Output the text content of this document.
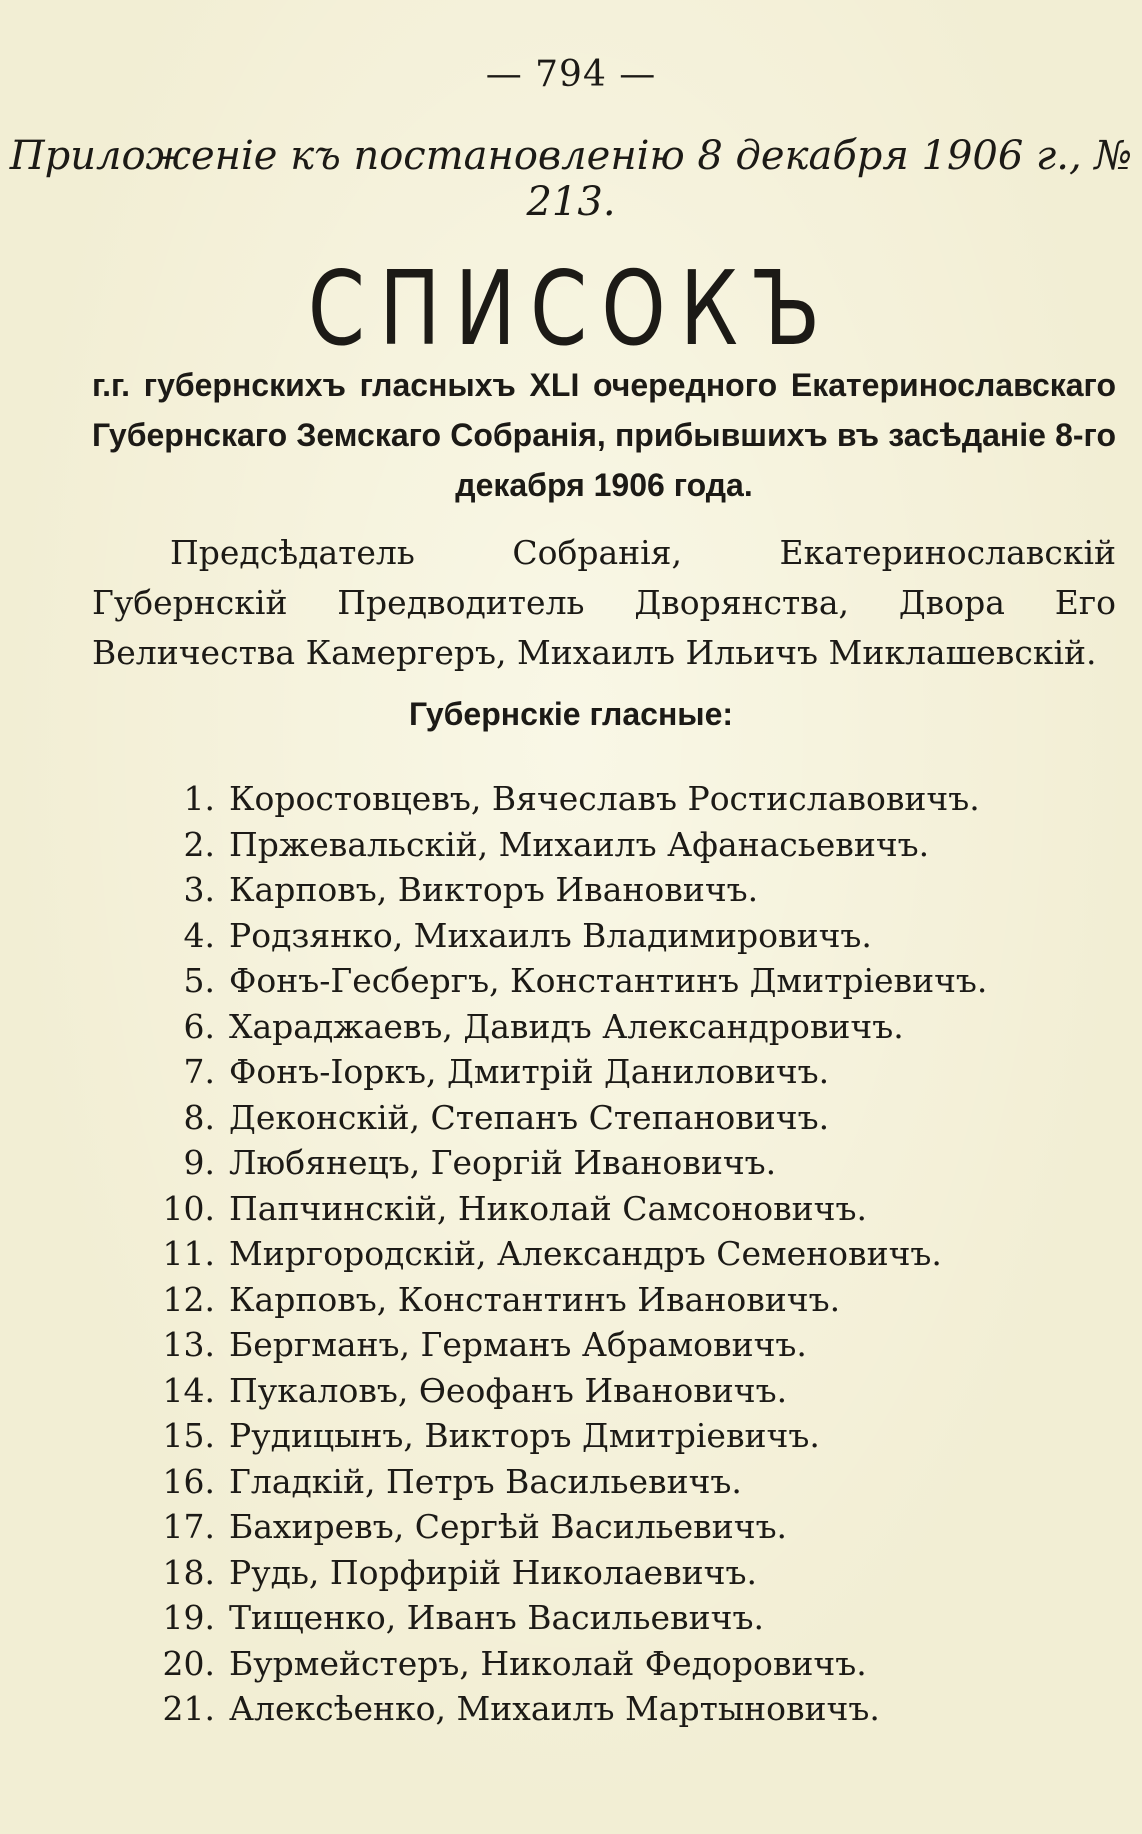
— 794 —
Приложеніе къ постановленію 8 декабря 1906 г., № 213.
СПИСОКЪ
г.г. губернскихъ гласныхъ XLI очередного Екатеринославскаго Губернскаго Земскаго Собранія, прибывшихъ въ засѣданіе 8-го декабря 1906 года.
Предсѣдатель Собранія, Екатеринославскій Губернскій Предводитель Дворянства, Двора Его Величества Камергеръ, Михаилъ Ильичъ Миклашевскій.
Губернскіе гласные:
1. Коростовцевъ, Вячеславъ Ростиславовичъ.
2. Пржевальскій, Михаилъ Афанасьевичъ.
3. Карповъ, Викторъ Ивановичъ.
4. Родзянко, Михаилъ Владимировичъ.
5. Фонъ-Гесбергъ, Константинъ Дмитріевичъ.
6. Хараджаевъ, Давидъ Александровичъ.
7. Фонъ-Іоркъ, Дмитрій Даниловичъ.
8. Деконскій, Степанъ Степановичъ.
9. Любянецъ, Георгій Ивановичъ.
10. Папчинскій, Николай Самсоновичъ.
11. Миргородскій, Александръ Семеновичъ.
12. Карповъ, Константинъ Ивановичъ.
13. Бергманъ, Германъ Абрамовичъ.
14. Пукаловъ, Ѳеофанъ Ивановичъ.
15. Рудицынъ, Викторъ Дмитріевичъ.
16. Гладкій, Петръ Васильевичъ.
17. Бахиревъ, Сергѣй Васильевичъ.
18. Рудь, Порфирій Николаевичъ.
19. Тищенко, Иванъ Васильевичъ.
20. Бурмейстеръ, Николай Федоровичъ.
21. Алексѣенко, Михаилъ Мартыновичъ.
